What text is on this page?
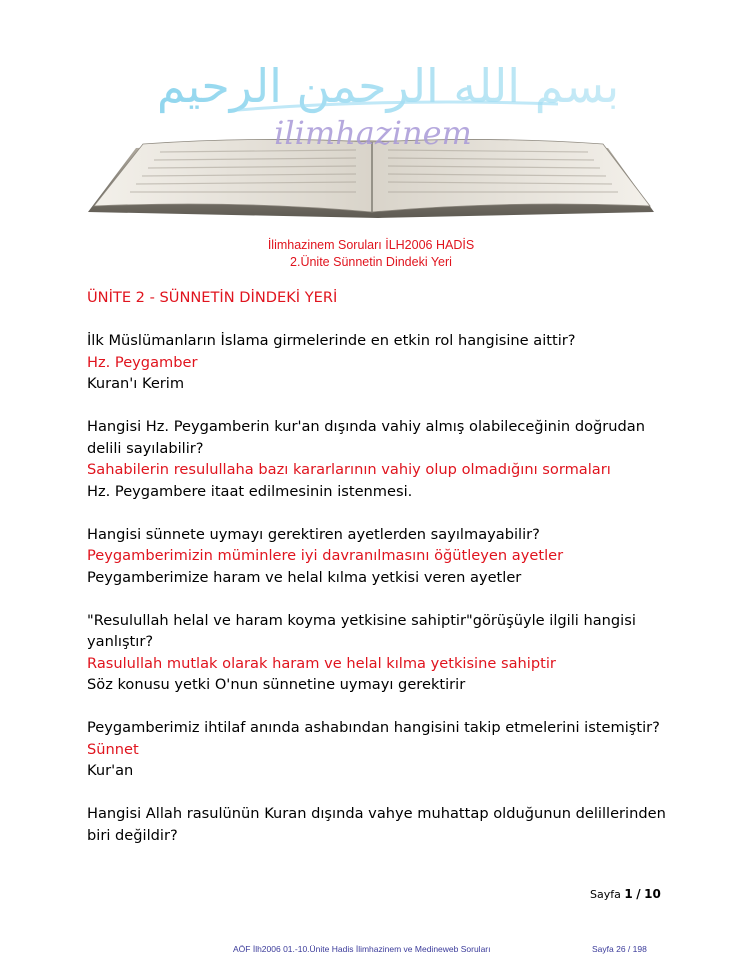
بسم الله الرحمن الرحيم
ilimhazinem
İlimhazinem Soruları İLH2006 HADİS
2.Ünite Sünnetin Dindeki Yeri
ÜNİTE 2 - SÜNNETİN DİNDEKİ YERİ

İlk Müslümanların İslama girmelerinde en etkin rol hangisine aittir?
Hz. Peygamber
Kuran'ı Kerim

Hangisi Hz. Peygamberin kur'an dışında vahiy almış olabileceğinin doğrudan
delili sayılabilir?
Sahabilerin resulullaha bazı kararlarının vahiy olup olmadığını sormaları
Hz. Peygambere itaat edilmesinin istenmesi.

Hangisi sünnete uymayı gerektiren ayetlerden sayılmayabilir?
Peygamberimizin müminlere iyi davranılmasını öğütleyen ayetler
Peygamberimize haram ve helal kılma yetkisi veren ayetler

"Resulullah helal ve haram koyma yetkisine sahiptir"görüşüyle ilgili hangisi
yanlıştır?
Rasulullah mutlak olarak haram ve helal kılma yetkisine sahiptir
Söz konusu yetki O'nun sünnetine uymayı gerektirir

Peygamberimiz ihtilaf anında ashabından hangisini takip etmelerini istemiştir?
Sünnet
Kur'an

Hangisi Allah rasulünün Kuran dışında vahye muhattap olduğunun delillerinden
biri değildir?
Sayfa 1 / 10
AÖF İlh2006 01.-10.Ünite Hadis İlimhazinem ve Medineweb Soruları	Sayfa 26 / 198
